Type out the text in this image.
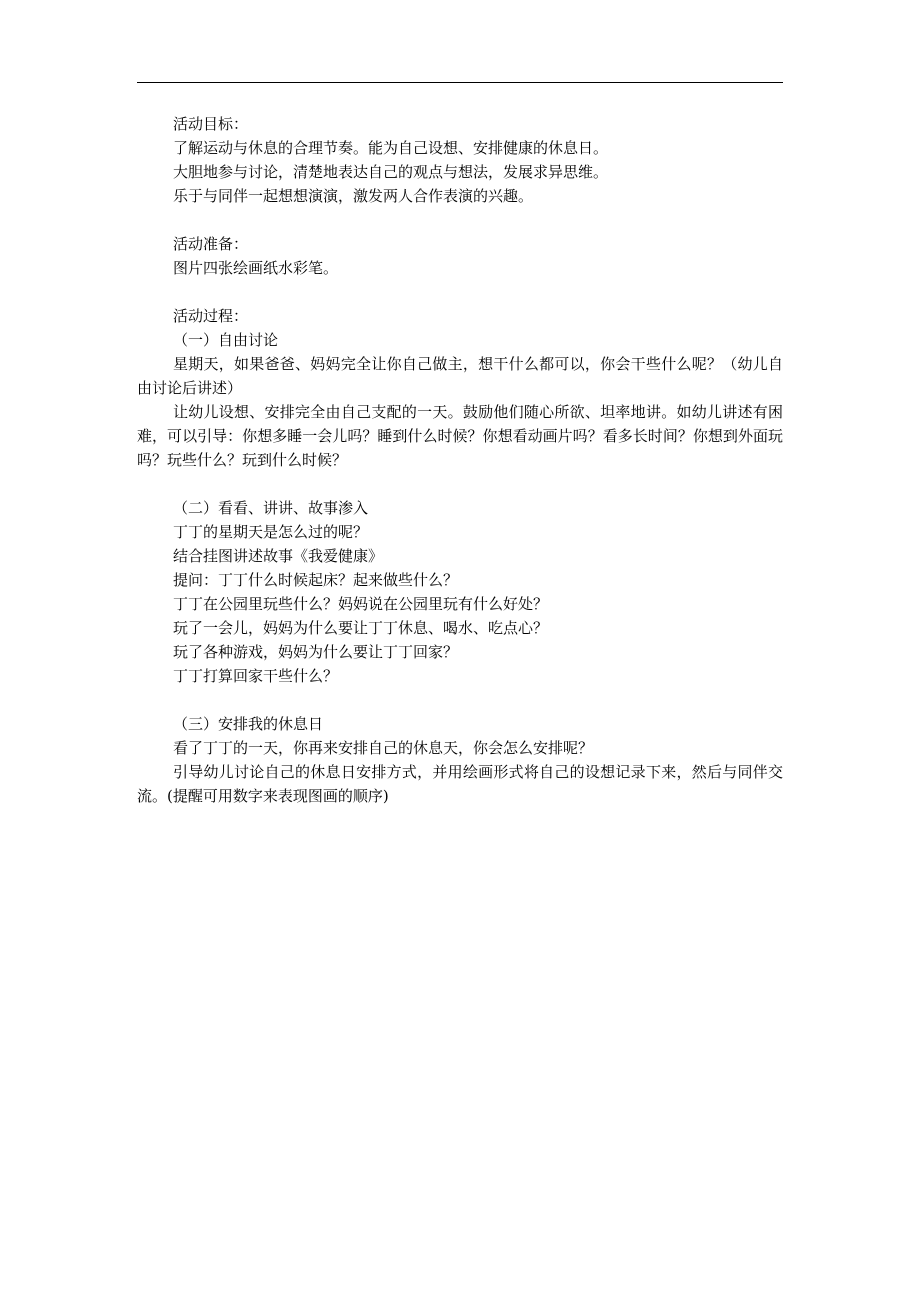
活动目标：
了解运动与休息的合理节奏。能为自己设想、安排健康的休息日。
大胆地参与讨论，清楚地表达自己的观点与想法，发展求异思维。
乐于与同伴一起想想演演，激发两人合作表演的兴趣。
活动准备：
图片四张绘画纸水彩笔。
活动过程：
（一）自由讨论
星期天，如果爸爸、妈妈完全让你自己做主，想干什么都可以，你会干些什么呢？（幼儿自由讨论后讲述）
让幼儿设想、安排完全由自己支配的一天。鼓励他们随心所欲、坦率地讲。如幼儿讲述有困难，可以引导：你想多睡一会儿吗？睡到什么时候？你想看动画片吗？看多长时间？你想到外面玩吗？玩些什么？玩到什么时候？
（二）看看、讲讲、故事渗入
丁丁的星期天是怎么过的呢？
结合挂图讲述故事《我爱健康》
提问：丁丁什么时候起床？起来做些什么？
丁丁在公园里玩些什么？妈妈说在公园里玩有什么好处？
玩了一会儿，妈妈为什么要让丁丁休息、喝水、吃点心？
玩了各种游戏，妈妈为什么要让丁丁回家？
丁丁打算回家干些什么？
（三）安排我的休息日
看了丁丁的一天，你再来安排自己的休息天，你会怎么安排呢？
引导幼儿讨论自己的休息日安排方式，并用绘画形式将自己的设想记录下来，然后与同伴交流。(提醒可用数字来表现图画的顺序)
